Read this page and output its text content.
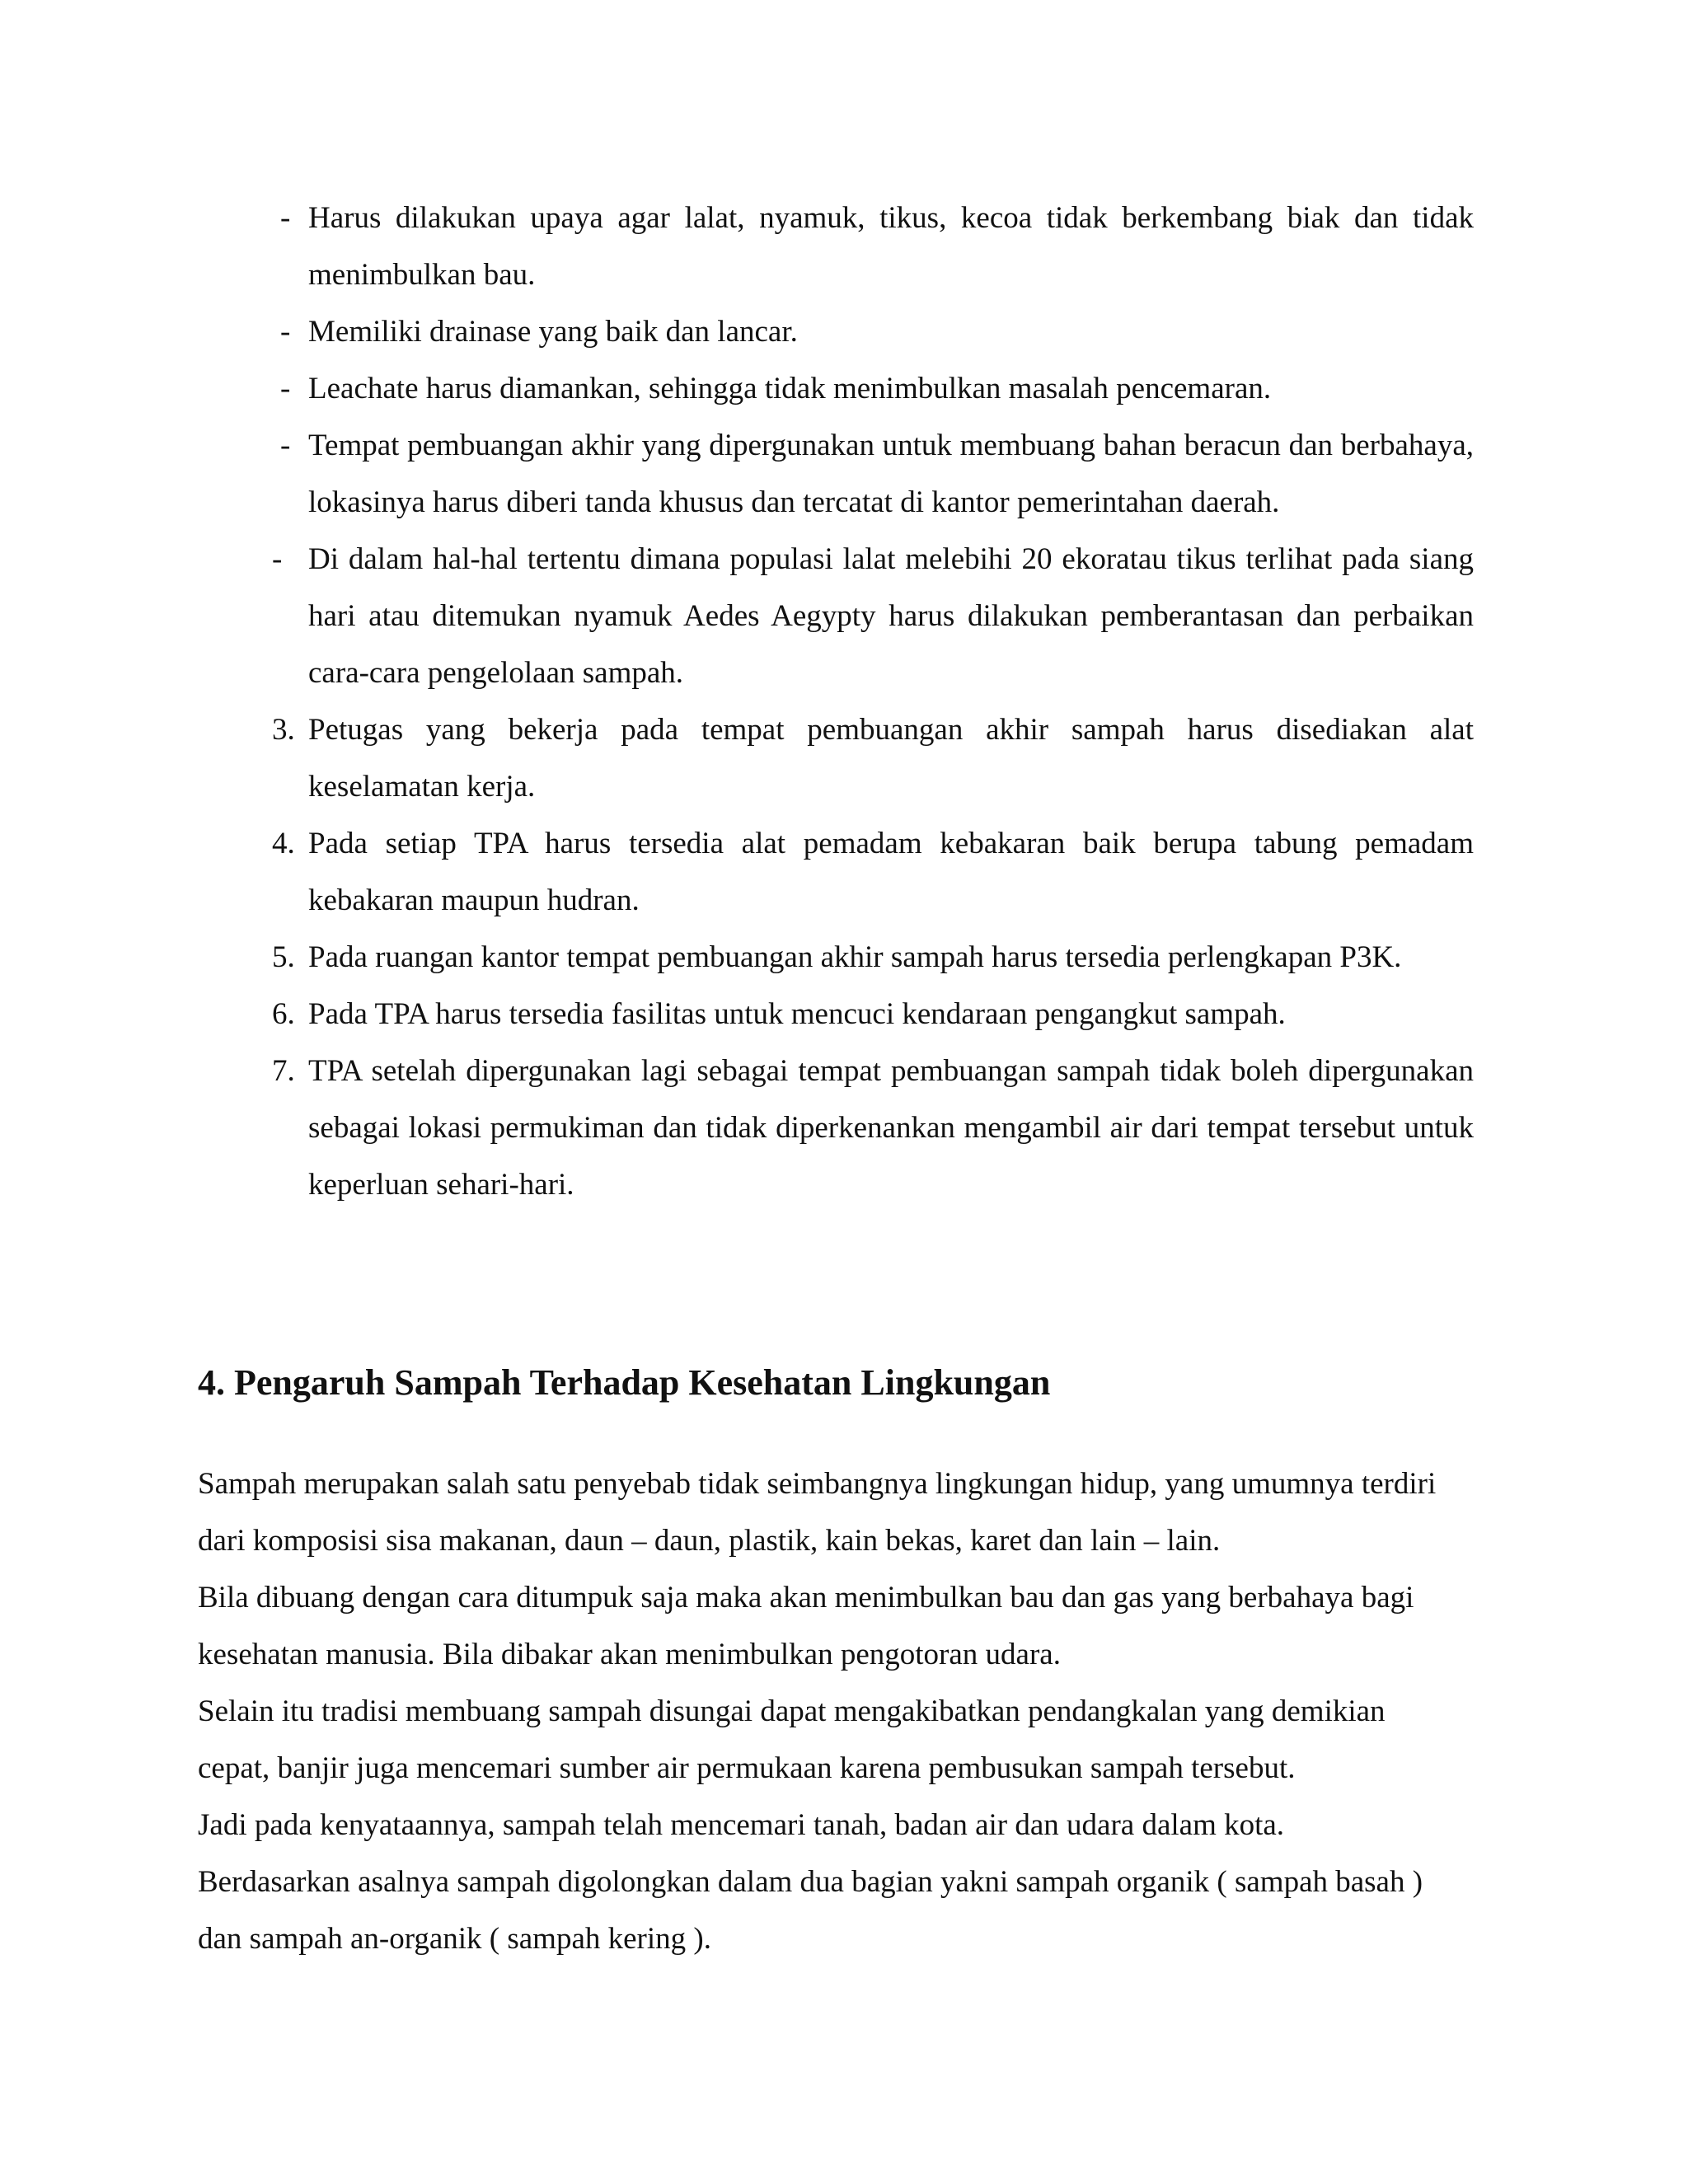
- Harus dilakukan upaya agar lalat, nyamuk, tikus, kecoa tidak berkembang biak dan tidak menimbulkan bau.
- Memiliki drainase yang baik dan lancar.
- Leachate harus diamankan, sehingga tidak menimbulkan masalah pencemaran.
- Tempat pembuangan akhir yang dipergunakan untuk membuang bahan beracun dan berbahaya, lokasinya harus diberi tanda khusus dan tercatat di kantor pemerintahan daerah.
- Di dalam hal-hal tertentu dimana populasi lalat melebihi 20 ekoratau tikus terlihat pada siang hari atau ditemukan nyamuk Aedes Aegypty harus dilakukan pemberantasan dan perbaikan cara-cara pengelolaan sampah.
3. Petugas yang bekerja pada tempat pembuangan akhir sampah harus disediakan alat keselamatan kerja.
4. Pada setiap TPA harus tersedia alat pemadam kebakaran baik berupa tabung pemadam kebakaran maupun hudran.
5. Pada ruangan kantor tempat pembuangan akhir sampah harus tersedia perlengkapan P3K.
6. Pada TPA harus tersedia fasilitas untuk mencuci kendaraan pengangkut sampah.
7. TPA setelah dipergunakan lagi sebagai tempat pembuangan sampah tidak boleh dipergunakan sebagai lokasi permukiman dan tidak diperkenankan mengambil air dari tempat tersebut untuk keperluan sehari-hari.
4. Pengaruh Sampah Terhadap Kesehatan Lingkungan

Sampah merupakan salah satu penyebab tidak seimbangnya lingkungan hidup, yang umumnya terdiri dari komposisi sisa makanan, daun – daun, plastik, kain bekas, karet dan lain – lain.

Bila dibuang dengan cara ditumpuk saja maka akan menimbulkan bau dan gas yang berbahaya bagi kesehatan manusia. Bila dibakar akan menimbulkan pengotoran udara.

Selain itu tradisi membuang sampah disungai dapat mengakibatkan pendangkalan yang demikian cepat, banjir juga mencemari sumber air permukaan karena pembusukan sampah tersebut.

Jadi pada kenyataannya, sampah telah mencemari tanah, badan air dan udara dalam kota.

Berdasarkan asalnya sampah digolongkan dalam dua bagian yakni sampah organik ( sampah basah ) dan sampah an-organik ( sampah kering ).
